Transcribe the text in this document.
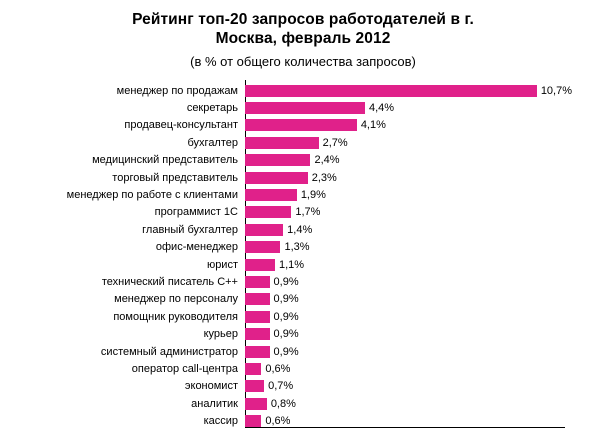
Рейтинг топ-20 запросов работодателей в г.
Москва, февраль 2012
(в % от общего количества запросов)
менеджер по продажам	10,7%
секретарь	4,4%
продавец-консультант	4,1%
бухгалтер	2,7%
медицинский представитель	2,4%
торговый представитель	2,3%
менеджер по работе с клиентами	1,9%
программист 1С	1,7%
главный бухгалтер	1,4%
офис-менеджер	1,3%
юрист	1,1%
технический писатель С++	0,9%
менеджер по персоналу	0,9%
помощник руководителя	0,9%
курьер	0,9%
системный администратор	0,9%
оператор call-центра	0,6%
экономист	0,7%
аналитик	0,8%
кассир	0,6%
